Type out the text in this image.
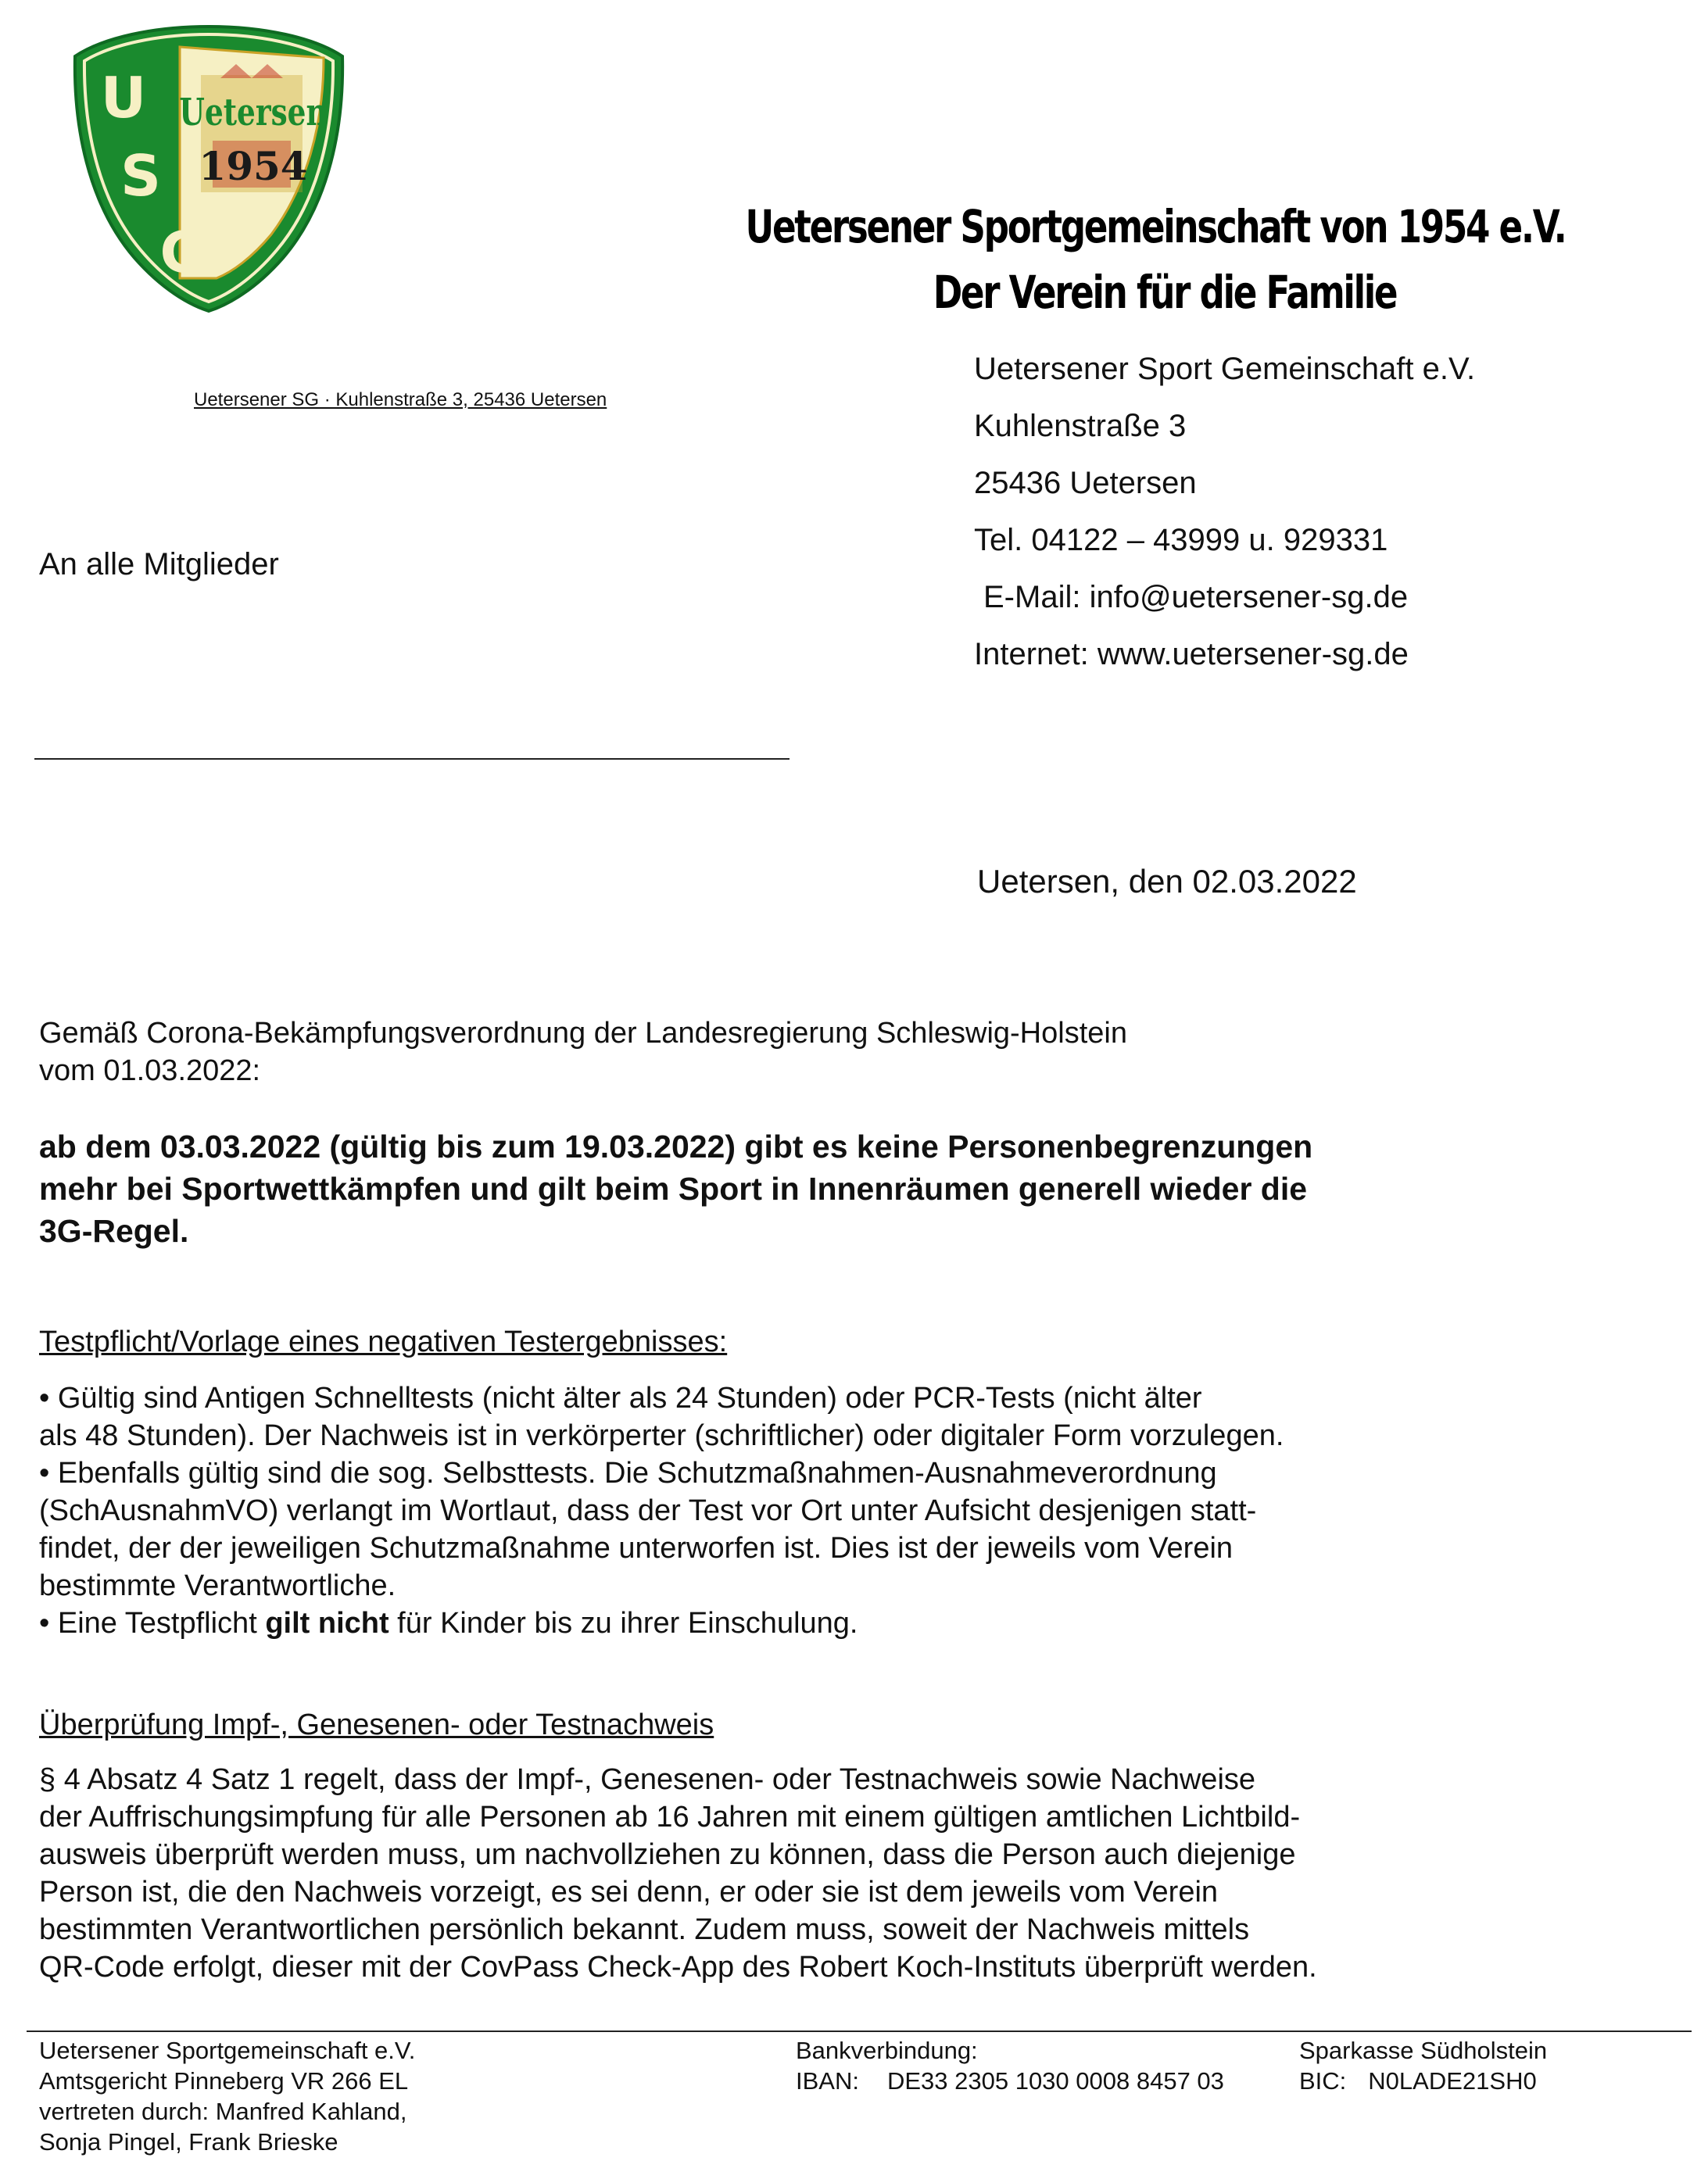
Uetersen
1954
U
S
G	Uetersener Sportgemeinschaft von 1954 e.V.
Der Verein für die Familie
Uetersener SG · Kuhlenstraße 3, 25436 Uetersen
Uetersener Sport Gemeinschaft e.V.
Kuhlenstraße 3
25436 Uetersen
Tel. 04122 – 43999 u. 929331
E-Mail: info@uetersener-sg.de
Internet: www.uetersener-sg.de
An alle Mitglieder
Uetersen, den 02.03.2022
Gemäß Corona-Bekämpfungsverordnung der Landesregierung Schleswig-Holstein
vom 01.03.2022:
ab dem 03.03.2022 (gültig bis zum 19.03.2022) gibt es keine Personenbegrenzungen
mehr bei Sportwettkämpfen und gilt beim Sport in Innenräumen generell wieder die
3G-Regel.
Testpflicht/Vorlage eines negativen Testergebnisses:
• Gültig sind Antigen Schnelltests (nicht älter als 24 Stunden) oder PCR-Tests (nicht älter
als 48 Stunden). Der Nachweis ist in verkörperter (schriftlicher) oder digitaler Form vorzulegen.
• Ebenfalls gültig sind die sog. Selbsttests. Die Schutzmaßnahmen-Ausnahmeverordnung
(SchAusnahmVO) verlangt im Wortlaut, dass der Test vor Ort unter Aufsicht desjenigen statt-
findet, der der jeweiligen Schutzmaßnahme unterworfen ist. Dies ist der jeweils vom Verein
bestimmte Verantwortliche.
• Eine Testpflicht gilt nicht für Kinder bis zu ihrer Einschulung.
Überprüfung Impf-, Genesenen- oder Testnachweis
§ 4 Absatz 4 Satz 1 regelt, dass der Impf-, Genesenen- oder Testnachweis sowie Nachweise
der Auffrischungsimpfung für alle Personen ab 16 Jahren mit einem gültigen amtlichen Lichtbild-
ausweis überprüft werden muss, um nachvollziehen zu können, dass die Person auch diejenige
Person ist, die den Nachweis vorzeigt, es sei denn, er oder sie ist dem jeweils vom Verein
bestimmten Verantwortlichen persönlich bekannt. Zudem muss, soweit der Nachweis mittels
QR-Code erfolgt, dieser mit der CovPass Check-App des Robert Koch-Instituts überprüft werden.
Uetersener Sportgemeinschaft e.V.
Amtsgericht Pinneberg VR 266 EL
vertreten durch: Manfred Kahland,
Sonja Pingel, Frank Brieske
Bankverbindung:
IBAN: DE33 2305 1030 0008 8457 03
Sparkasse Südholstein
BIC: N0LADE21SH0
